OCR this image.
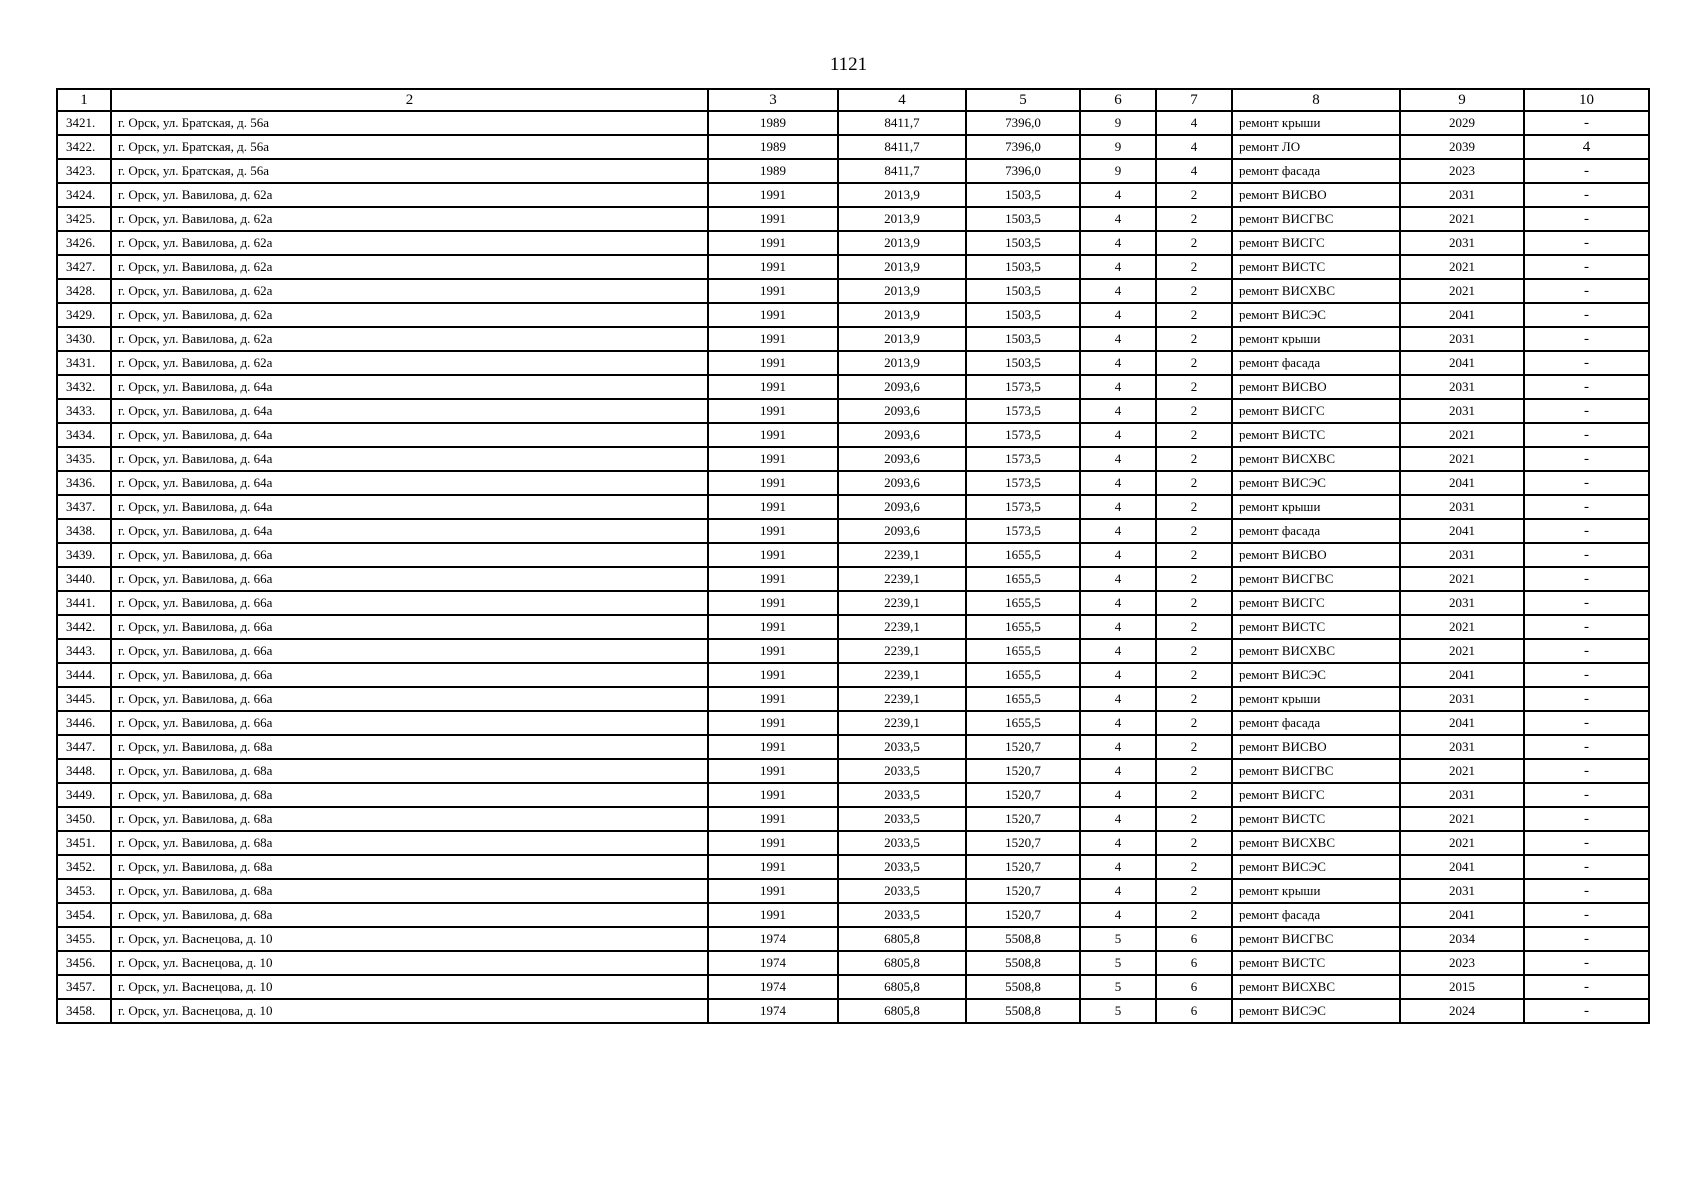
1121
1	2	3	4	5	6	7	8	9	10
3421.	г. Орск, ул. Братская, д. 56а	1989	8411,7	7396,0	9	4	ремонт крыши	2029	-
3422.	г. Орск, ул. Братская, д. 56а	1989	8411,7	7396,0	9	4	ремонт ЛО	2039	4
3423.	г. Орск, ул. Братская, д. 56а	1989	8411,7	7396,0	9	4	ремонт фасада	2023	-
3424.	г. Орск, ул. Вавилова, д. 62а	1991	2013,9	1503,5	4	2	ремонт ВИСВО	2031	-
3425.	г. Орск, ул. Вавилова, д. 62а	1991	2013,9	1503,5	4	2	ремонт ВИСГВС	2021	-
3426.	г. Орск, ул. Вавилова, д. 62а	1991	2013,9	1503,5	4	2	ремонт ВИСГС	2031	-
3427.	г. Орск, ул. Вавилова, д. 62а	1991	2013,9	1503,5	4	2	ремонт ВИСТС	2021	-
3428.	г. Орск, ул. Вавилова, д. 62а	1991	2013,9	1503,5	4	2	ремонт ВИСХВС	2021	-
3429.	г. Орск, ул. Вавилова, д. 62а	1991	2013,9	1503,5	4	2	ремонт ВИСЭС	2041	-
3430.	г. Орск, ул. Вавилова, д. 62а	1991	2013,9	1503,5	4	2	ремонт крыши	2031	-
3431.	г. Орск, ул. Вавилова, д. 62а	1991	2013,9	1503,5	4	2	ремонт фасада	2041	-
3432.	г. Орск, ул. Вавилова, д. 64а	1991	2093,6	1573,5	4	2	ремонт ВИСВО	2031	-
3433.	г. Орск, ул. Вавилова, д. 64а	1991	2093,6	1573,5	4	2	ремонт ВИСГС	2031	-
3434.	г. Орск, ул. Вавилова, д. 64а	1991	2093,6	1573,5	4	2	ремонт ВИСТС	2021	-
3435.	г. Орск, ул. Вавилова, д. 64а	1991	2093,6	1573,5	4	2	ремонт ВИСХВС	2021	-
3436.	г. Орск, ул. Вавилова, д. 64а	1991	2093,6	1573,5	4	2	ремонт ВИСЭС	2041	-
3437.	г. Орск, ул. Вавилова, д. 64а	1991	2093,6	1573,5	4	2	ремонт крыши	2031	-
3438.	г. Орск, ул. Вавилова, д. 64а	1991	2093,6	1573,5	4	2	ремонт фасада	2041	-
3439.	г. Орск, ул. Вавилова, д. 66а	1991	2239,1	1655,5	4	2	ремонт ВИСВО	2031	-
3440.	г. Орск, ул. Вавилова, д. 66а	1991	2239,1	1655,5	4	2	ремонт ВИСГВС	2021	-
3441.	г. Орск, ул. Вавилова, д. 66а	1991	2239,1	1655,5	4	2	ремонт ВИСГС	2031	-
3442.	г. Орск, ул. Вавилова, д. 66а	1991	2239,1	1655,5	4	2	ремонт ВИСТС	2021	-
3443.	г. Орск, ул. Вавилова, д. 66а	1991	2239,1	1655,5	4	2	ремонт ВИСХВС	2021	-
3444.	г. Орск, ул. Вавилова, д. 66а	1991	2239,1	1655,5	4	2	ремонт ВИСЭС	2041	-
3445.	г. Орск, ул. Вавилова, д. 66а	1991	2239,1	1655,5	4	2	ремонт крыши	2031	-
3446.	г. Орск, ул. Вавилова, д. 66а	1991	2239,1	1655,5	4	2	ремонт фасада	2041	-
3447.	г. Орск, ул. Вавилова, д. 68а	1991	2033,5	1520,7	4	2	ремонт ВИСВО	2031	-
3448.	г. Орск, ул. Вавилова, д. 68а	1991	2033,5	1520,7	4	2	ремонт ВИСГВС	2021	-
3449.	г. Орск, ул. Вавилова, д. 68а	1991	2033,5	1520,7	4	2	ремонт ВИСГС	2031	-
3450.	г. Орск, ул. Вавилова, д. 68а	1991	2033,5	1520,7	4	2	ремонт ВИСТС	2021	-
3451.	г. Орск, ул. Вавилова, д. 68а	1991	2033,5	1520,7	4	2	ремонт ВИСХВС	2021	-
3452.	г. Орск, ул. Вавилова, д. 68а	1991	2033,5	1520,7	4	2	ремонт ВИСЭС	2041	-
3453.	г. Орск, ул. Вавилова, д. 68а	1991	2033,5	1520,7	4	2	ремонт крыши	2031	-
3454.	г. Орск, ул. Вавилова, д. 68а	1991	2033,5	1520,7	4	2	ремонт фасада	2041	-
3455.	г. Орск, ул. Васнецова, д. 10	1974	6805,8	5508,8	5	6	ремонт ВИСГВС	2034	-
3456.	г. Орск, ул. Васнецова, д. 10	1974	6805,8	5508,8	5	6	ремонт ВИСТС	2023	-
3457.	г. Орск, ул. Васнецова, д. 10	1974	6805,8	5508,8	5	6	ремонт ВИСХВС	2015	-
3458.	г. Орск, ул. Васнецова, д. 10	1974	6805,8	5508,8	5	6	ремонт ВИСЭС	2024	-
